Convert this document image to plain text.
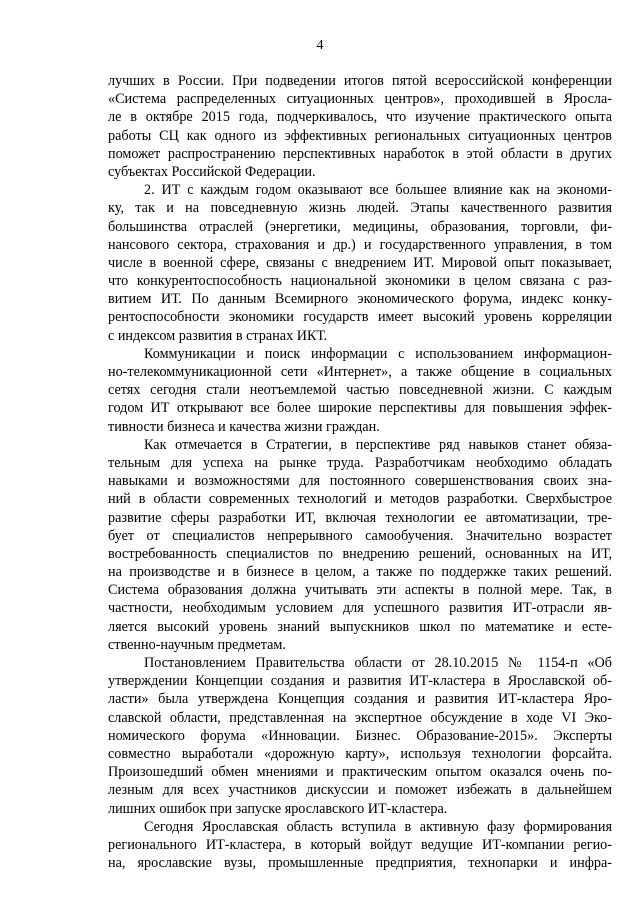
4
лучших в России. При подведении итогов пятой всероссийской конференции
«Система распределенных ситуационных центров», проходившей в Яросла-
ле в октябре 2015 года, подчеркивалось, что изучение практического опыта
работы СЦ как одного из эффективных региональных ситуационных центров
поможет распространению перспективных наработок в этой области в других
субъектах Российской Федерации.
2. ИТ с каждым годом оказывают все большее влияние как на экономи-
ку, так и на повседневную жизнь людей. Этапы качественного развития
большинства отраслей (энергетики, медицины, образования, торговли, фи-
нансового сектора, страхования и др.) и государственного управления, в том
числе в военной сфере, связаны с внедрением ИТ. Мировой опыт показывает,
что конкурентоспособность национальной экономики в целом связана с раз-
витием ИТ. По данным Всемирного экономического форума, индекс конку-
рентоспособности экономики государств имеет высокий уровень корреляции
с индексом развития в странах ИКТ.
Коммуникации и поиск информации с использованием информацион-
но-телекоммуникационной сети «Интернет», а также общение в социальных
сетях сегодня стали неотъемлемой частью повседневной жизни. С каждым
годом ИТ открывают все более широкие перспективы для повышения эффек-
тивности бизнеса и качества жизни граждан.
Как отмечается в Стратегии, в перспективе ряд навыков станет обяза-
тельным для успеха на рынке труда. Разработчикам необходимо обладать
навыками и возможностями для постоянного совершенствования своих зна-
ний в области современных технологий и методов разработки. Сверхбыстрое
развитие сферы разработки ИТ, включая технологии ее автоматизации, тре-
бует от специалистов непрерывного самообучения. Значительно возрастет
востребованность специалистов по внедрению решений, основанных на ИТ,
на производстве и в бизнесе в целом, а также по поддержке таких решений.
Система образования должна учитывать эти аспекты в полной мере. Так, в
частности, необходимым условием для успешного развития ИТ-отрасли яв-
ляется высокий уровень знаний выпускников школ по математике и есте-
ственно-научным предметам.
Постановлением Правительства области от 28.10.2015 № 1154-п «Об
утверждении Концепции создания и развития ИТ-кластера в Ярославской об-
ласти» была утверждена Концепция создания и развития ИТ-кластера Яро-
славской области, представленная на экспертное обсуждение в ходе VI Эко-
номического форума «Инновации. Бизнес. Образование-2015». Эксперты
совместно выработали «дорожную карту», используя технологии форсайта.
Произошедший обмен мнениями и практическим опытом оказался очень по-
лезным для всех участников дискуссии и поможет избежать в дальнейшем
лишних ошибок при запуске ярославского ИТ-кластера.
Сегодня Ярославская область вступила в активную фазу формирования
регионального ИТ-кластера, в который войдут ведущие ИТ-компании регио-
на, ярославские вузы, промышленные предприятия, технопарки и инфра-
